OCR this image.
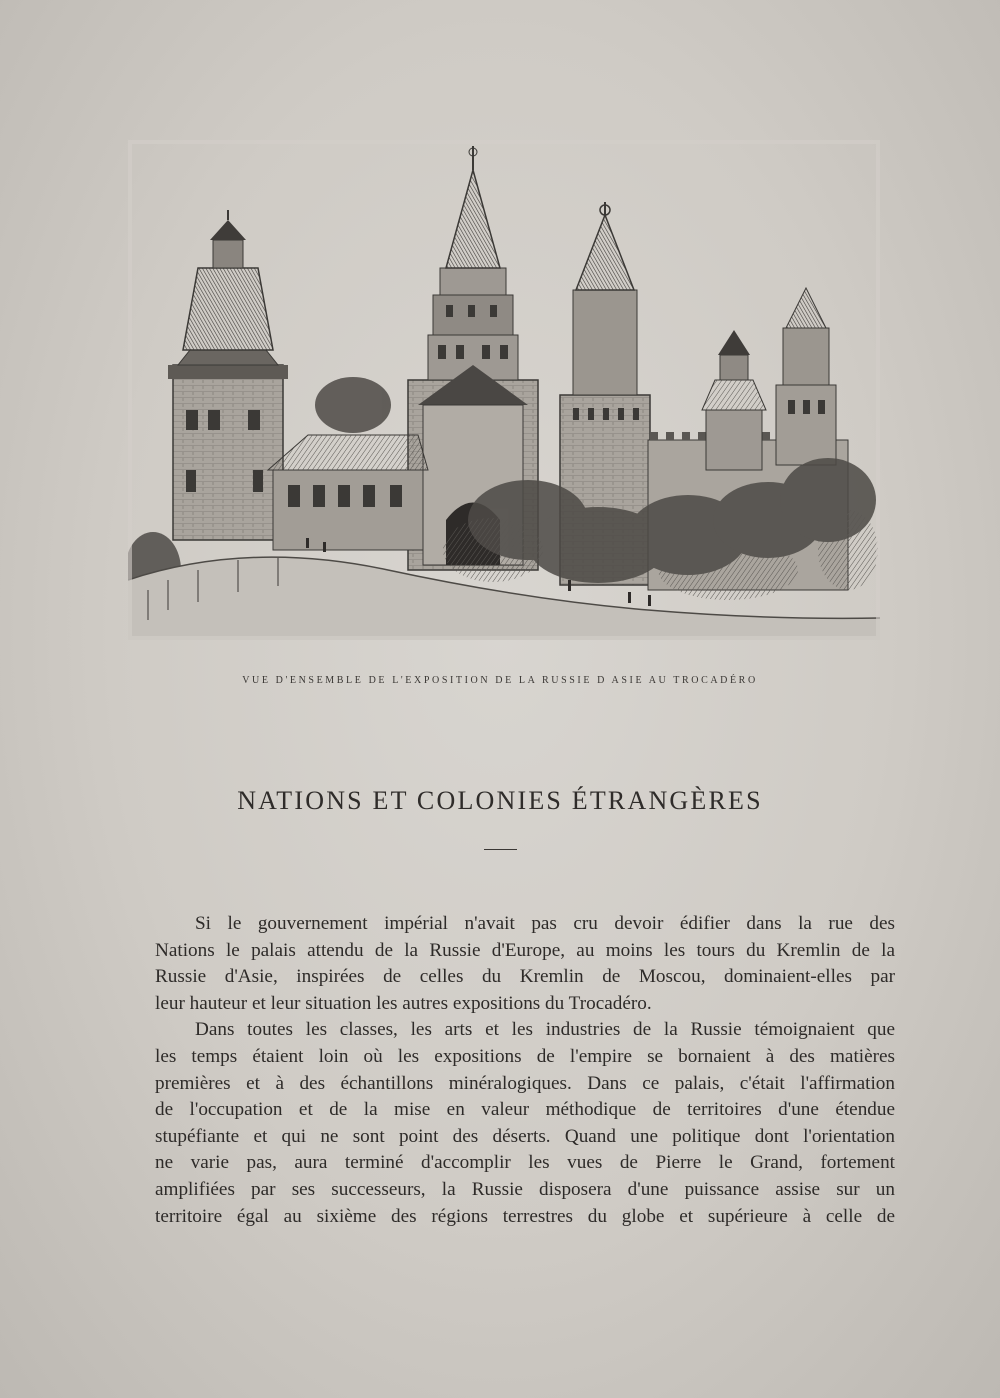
VUE D'ENSEMBLE DE L'EXPOSITION DE LA RUSSIE D ASIE AU TROCADÉRO
NATIONS ET COLONIES ÉTRANGÈRES

Si le gouvernement impérial n'avait pas cru devoir édifier dans la rue des
Nations le palais attendu de la Russie d'Europe, au moins les tours du Kremlin de la
Russie d'Asie, inspirées de celles du Kremlin de Moscou, dominaient-elles par
leur hauteur et leur situation les autres expositions du Trocadéro.

Dans toutes les classes, les arts et les industries de la Russie témoignaient que
les temps étaient loin où les expositions de l'empire se bornaient à des matières
premières et à des échantillons minéralogiques. Dans ce palais, c'était l'affirmation
de l'occupation et de la mise en valeur méthodique de territoires d'une étendue
stupéfiante et qui ne sont point des déserts. Quand une politique dont l'orientation
ne varie pas, aura terminé d'accomplir les vues de Pierre le Grand, fortement
amplifiées par ses successeurs, la Russie disposera d'une puissance assise sur un
territoire égal au sixième des régions terrestres du globe et supérieure à celle de
